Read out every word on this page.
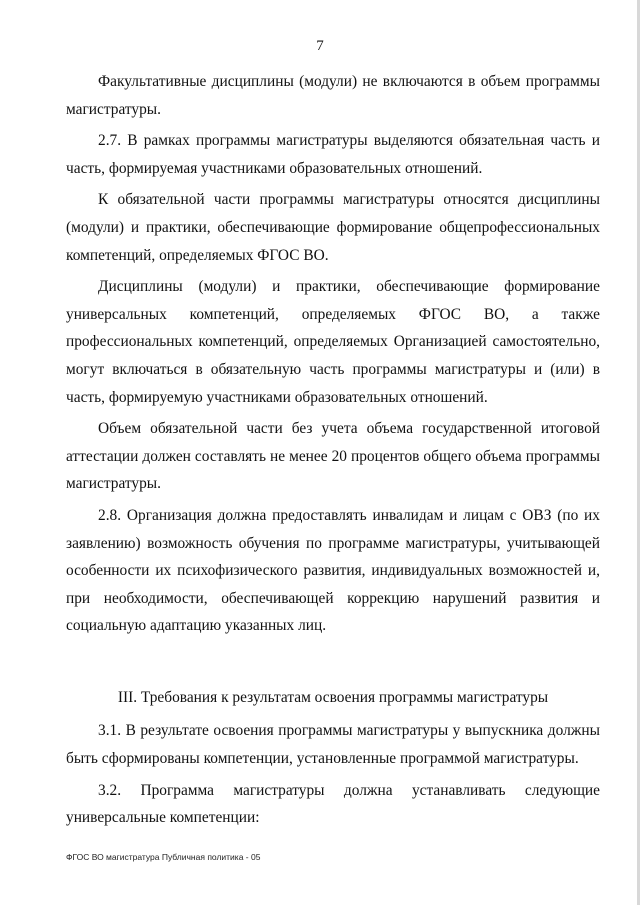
7

Факультативные дисциплины (модули) не включаются в объем программы магистратуры.

2.7. В рамках программы магистратуры выделяются обязательная часть и часть, формируемая участниками образовательных отношений.

К обязательной части программы магистратуры относятся дисциплины (модули) и практики, обеспечивающие формирование общепрофессиональных компетенций, определяемых ФГОС ВО.

Дисциплины (модули) и практики, обеспечивающие формирование универсальных компетенций, определяемых ФГОС ВО, а также профессиональных компетенций, определяемых Организацией самостоятельно, могут включаться в обязательную часть программы магистратуры и (или) в часть, формируемую участниками образовательных отношений.

Объем обязательной части без учета объема государственной итоговой аттестации должен составлять не менее 20 процентов общего объема программы магистратуры.

2.8. Организация должна предоставлять инвалидам и лицам с ОВЗ (по их заявлению) возможность обучения по программе магистратуры, учитывающей особенности их психофизического развития, индивидуальных возможностей и, при необходимости, обеспечивающей коррекцию нарушений развития и социальную адаптацию указанных лиц.

III. Требования к результатам освоения программы магистратуры

3.1. В результате освоения программы магистратуры у выпускника должны быть сформированы компетенции, установленные программой магистратуры.

3.2. Программа магистратуры должна устанавливать следующие универсальные компетенции:

ФГОС ВО магистратура Публичная политика - 05
